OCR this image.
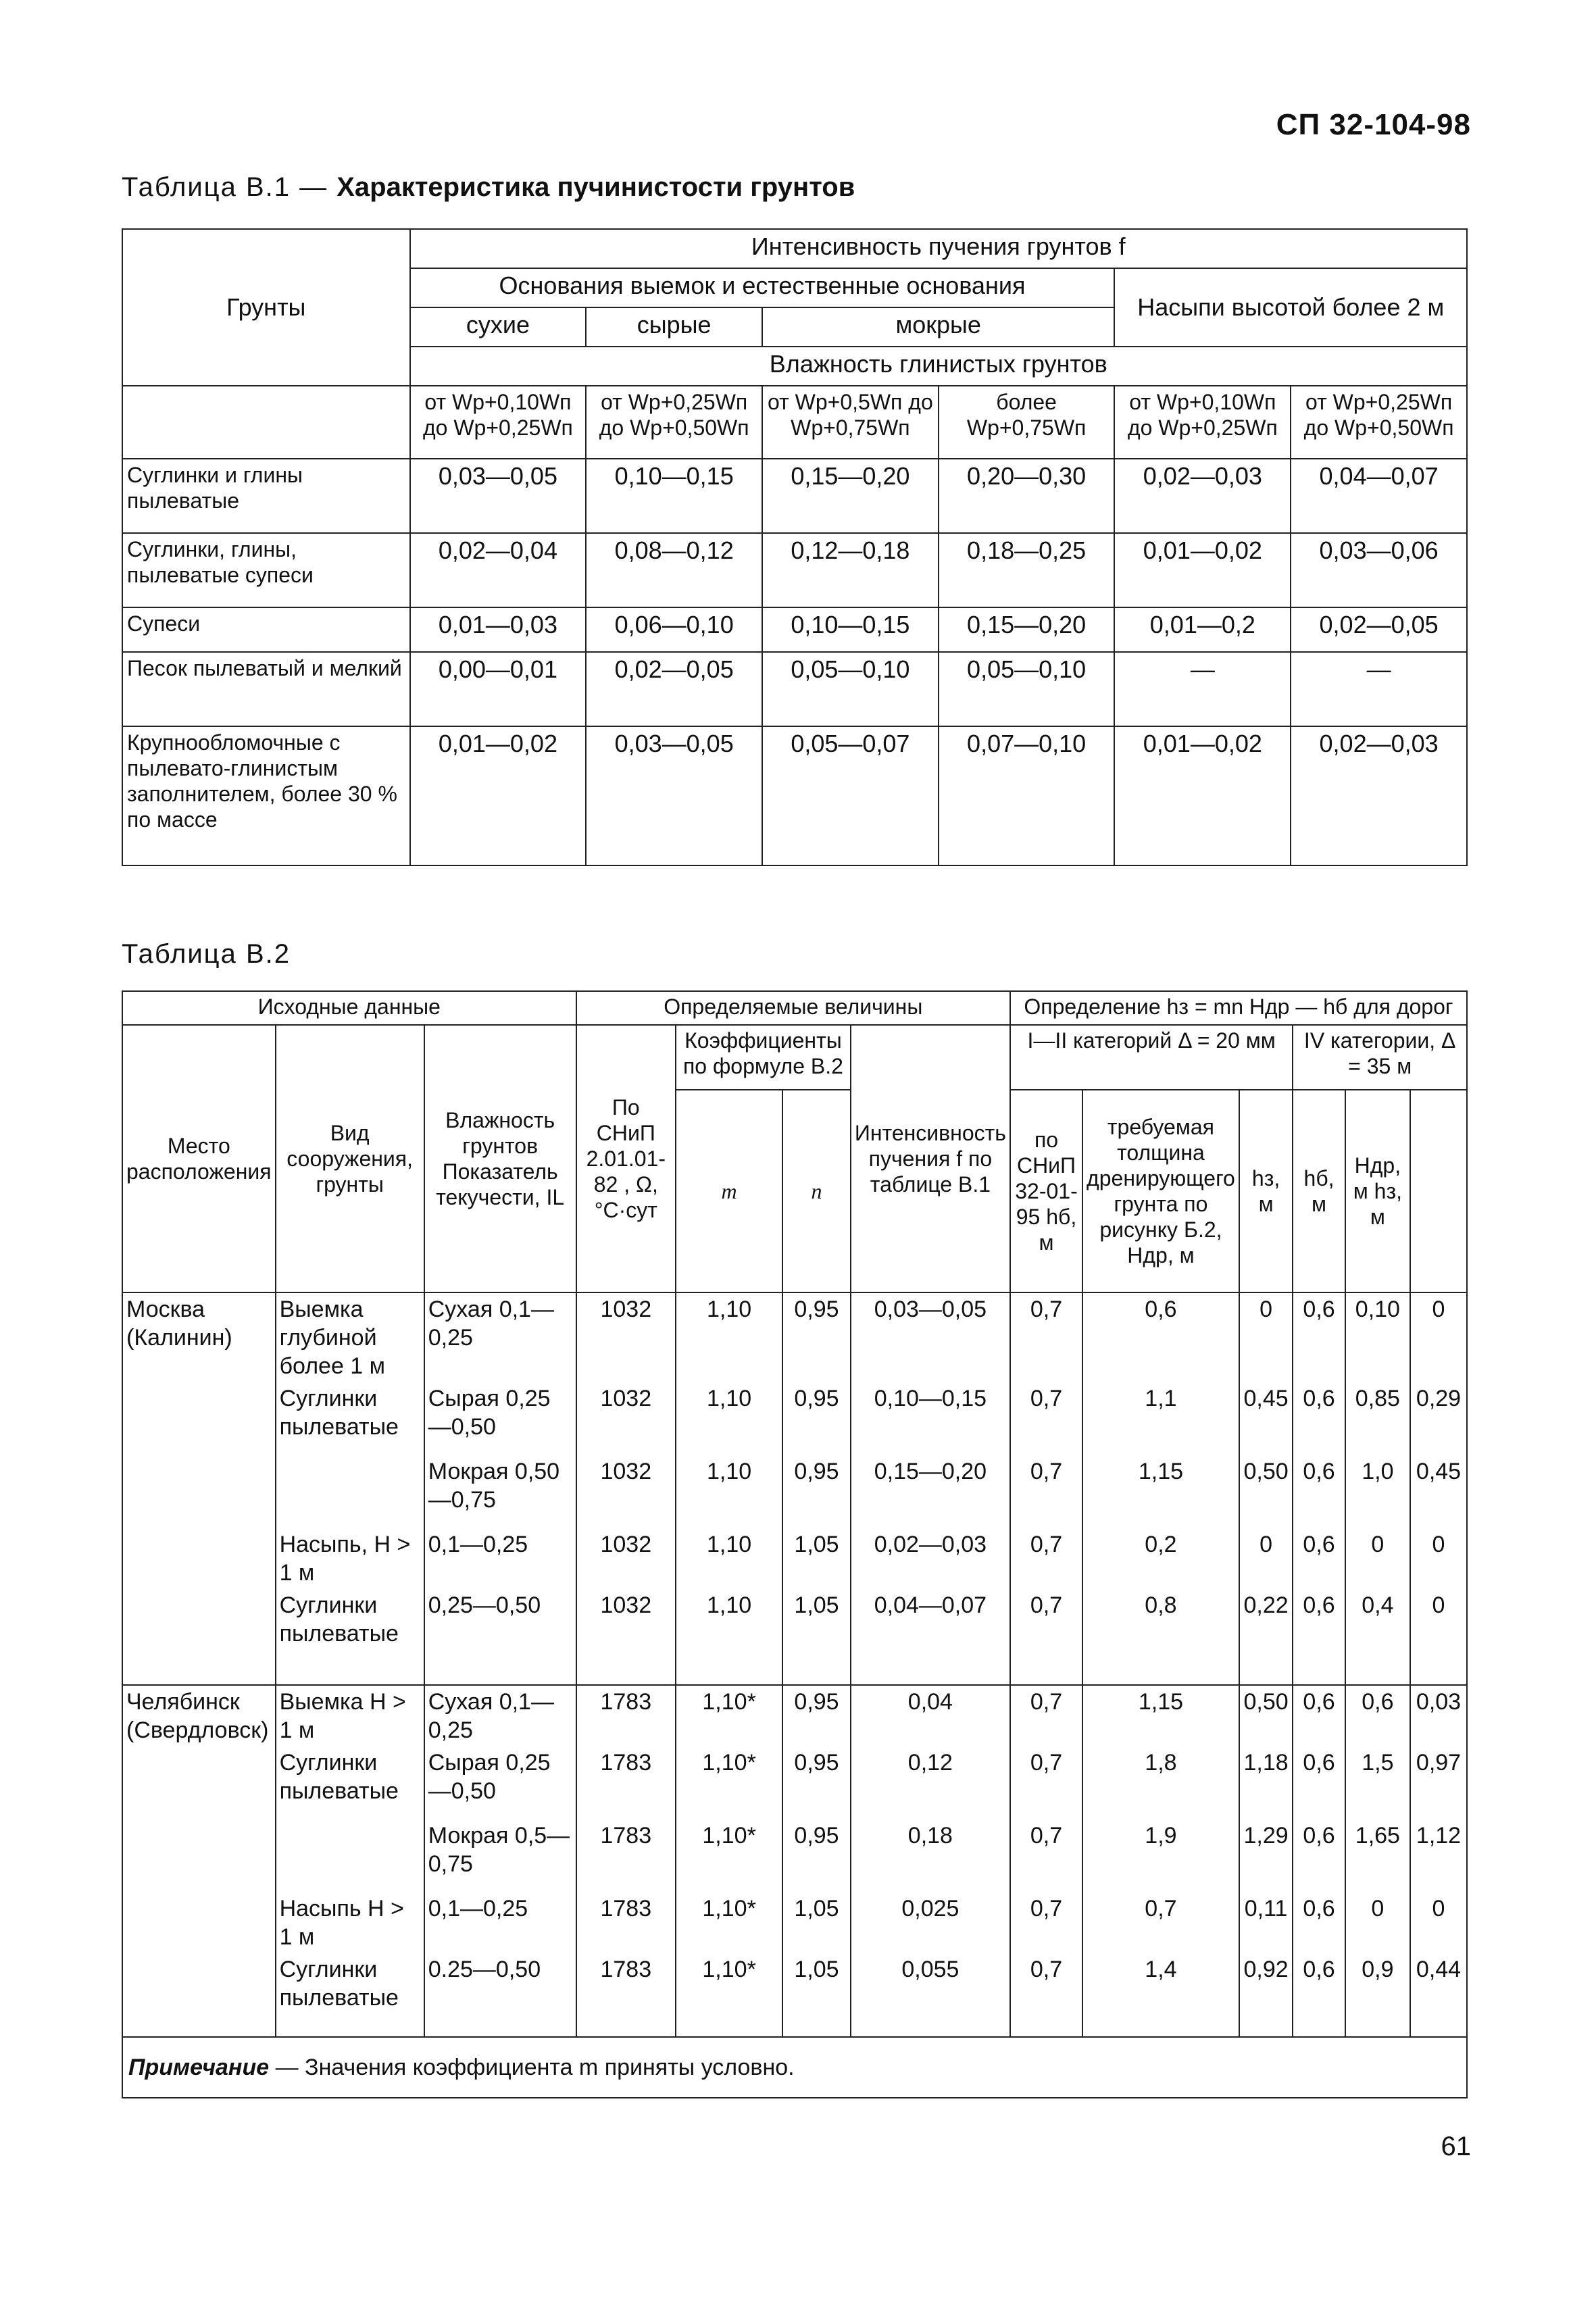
СП 32-104-98
Таблица В.1 — Характеристика пучинистости грунтов
Грунты	Интенсивность пучения грунтов f					
	Основания выемок и естественные основания				Насыпи высотой более 2 м	
	сухие	сырые	мокрые			
	Влажность глинистых грунтов					
	от Wр+0,10Wп до Wр+0,25Wп	от Wр+0,25Wп до Wр+0,50Wп	от Wр+0,5Wп до Wр+0,75Wп	более Wр+0,75Wп	от Wр+0,10Wп до Wр+0,25Wп	от Wр+0,25Wп до Wр+0,50Wп
Суглинки и глины пылеватые	0,03—0,05	0,10—0,15	0,15—0,20	0,20—0,30	0,02—0,03	0,04—0,07
Суглинки, глины, пылеватые супеси	0,02—0,04	0,08—0,12	0,12—0,18	0,18—0,25	0,01—0,02	0,03—0,06
Супеси	0,01—0,03	0,06—0,10	0,10—0,15	0,15—0,20	0,01—0,2	0,02—0,05
Песок пылеватый и мелкий	0,00—0,01	0,02—0,05	0,05—0,10	0,05—0,10	—	—
Крупнообломочные с пылевато-глинистым заполнителем, более 30 % по массе	0,01—0,02	0,03—0,05	0,05—0,07	0,07—0,10	0,01—0,02	0,02—0,03
Таблица В.2
Исходные данные			Определяемые величины				Определение hз = mn Hдр — hб для дорог					
Место расположения	Вид сооружения, грунты	Влажность грунтов Показатель текучести, IL	По СНиП 2.01.01-82 , Ω, °С·сут	Коэффициенты по формуле В.2		Интенсивность пучения f по таблице В.1	I—II категорий Δ = 20 мм			IV категории, Δ = 35 м		
				m	n		по СНиП 32-01-95 hб, м	требуемая толщина дренирующего грунта по рисунку Б.2, Hдр, м	hз, м	hб, м	Hдр, м hз, м	

Москва (Калинин)	Выемка глубиной более 1 м	Сухая 0,1—0,25	1032	1,10	0,95	0,03—0,05	0,7	0,6	0	0,6	0,10	0
	Суглинки пылеватые	Сырая 0,25—0,50	1032	1,10	0,95	0,10—0,15	0,7	1,1	0,45	0,6	0,85	0,29
		Мокрая 0,50—0,75	1032	1,10	0,95	0,15—0,20	0,7	1,15	0,50	0,6	1,0	0,45
	Насыпь, H > 1 м	0,1—0,25	1032	1,10	1,05	0,02—0,03	0,7	0,2	0	0,6	0	0
	Суглинки пылеватые	0,25—0,50	1032	1,10	1,05	0,04—0,07	0,7	0,8	0,22	0,6	0,4	0
Челябинск (Свердловск)	Выемка H > 1 м	Сухая 0,1—0,25	1783	1,10*	0,95	0,04	0,7	1,15	0,50	0,6	0,6	0,03
	Суглинки пылеватые	Сырая 0,25—0,50	1783	1,10*	0,95	0,12	0,7	1,8	1,18	0,6	1,5	0,97
		Мокрая 0,5—0,75	1783	1,10*	0,95	0,18	0,7	1,9	1,29	0,6	1,65	1,12
	Насыпь H > 1 м	0,1—0,25	1783	1,10*	1,05	0,025	0,7	0,7	0,11	0,6	0	0
	Суглинки пылеватые	0.25—0,50	1783	1,10*	1,05	0,055	0,7	1,4	0,92	0,6	0,9	0,44
Примечание — Значения коэффициента m приняты условно.												
61
